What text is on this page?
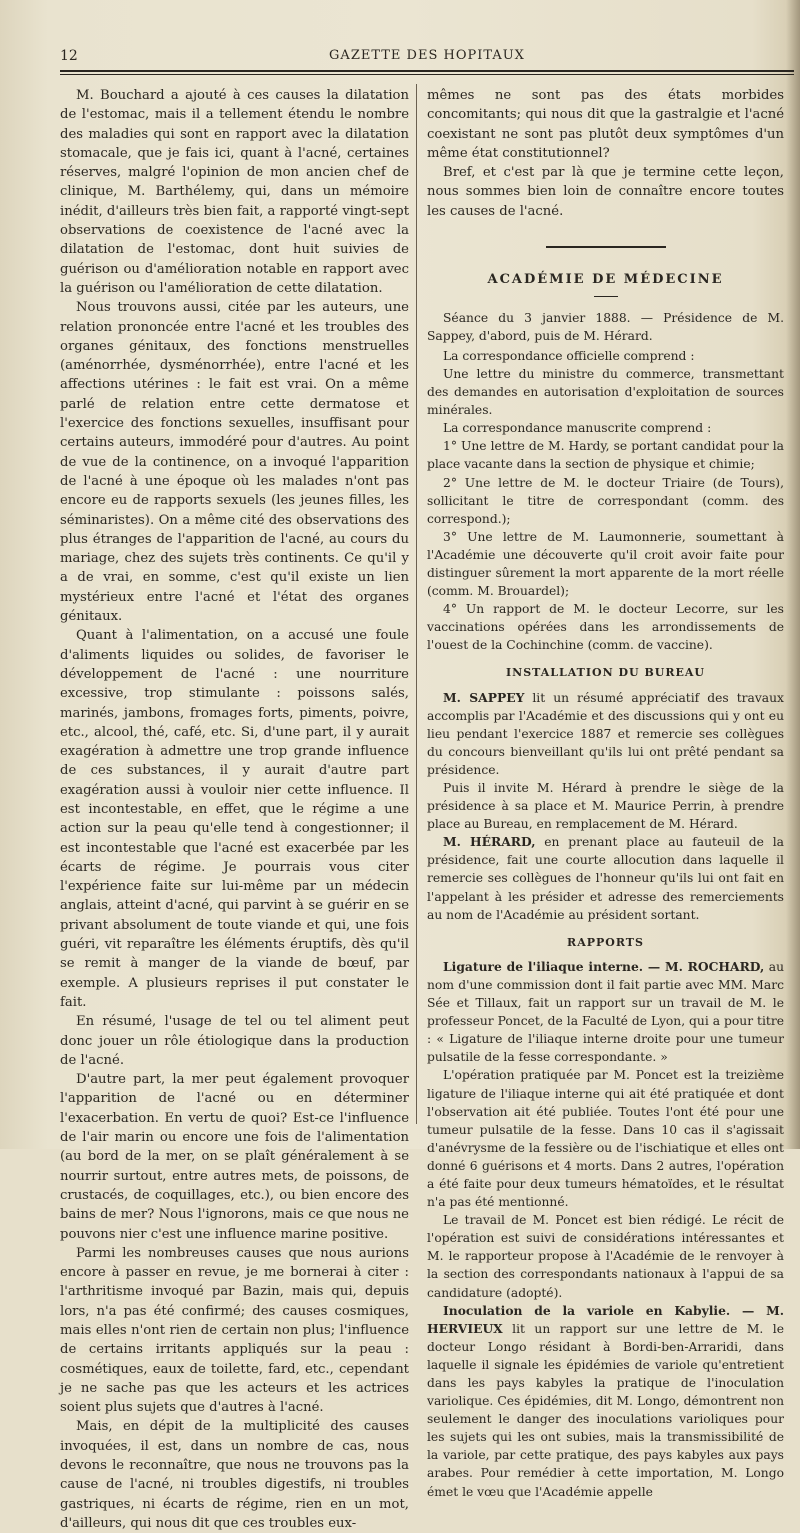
12	GAZETTE DES HOPITAUX

M. Bouchard a ajouté à ces causes la dilatation de l'estomac, mais il a tellement étendu le nombre des maladies qui sont en rapport avec la dilatation stomacale, que je fais ici, quant à l'acné, certaines réserves, malgré l'opinion de mon ancien chef de clinique, M. Barthélemy, qui, dans un mémoire inédit, d'ailleurs très bien fait, a rapporté vingt-sept observations de coexistence de l'acné avec la dilatation de l'estomac, dont huit suivies de guérison ou d'amélioration notable en rapport avec la guérison ou l'amélioration de cette dilatation.

Nous trouvons aussi, citée par les auteurs, une relation prononcée entre l'acné et les troubles des organes génitaux, des fonctions menstruelles (aménorrhée, dysménorrhée), entre l'acné et les affections utérines : le fait est vrai. On a même parlé de relation entre cette dermatose et l'exercice des fonctions sexuelles, insuffisant pour certains auteurs, immodéré pour d'autres. Au point de vue de la continence, on a invoqué l'apparition de l'acné à une époque où les malades n'ont pas encore eu de rapports sexuels (les jeunes filles, les séminaristes). On a même cité des observations des plus étranges de l'apparition de l'acné, au cours du mariage, chez des sujets très continents. Ce qu'il y a de vrai, en somme, c'est qu'il existe un lien mystérieux entre l'acné et l'état des organes génitaux.

Quant à l'alimentation, on a accusé une foule d'aliments liquides ou solides, de favoriser le développement de l'acné : une nourriture excessive, trop stimulante : poissons salés, marinés, jambons, fromages forts, piments, poivre, etc., alcool, thé, café, etc. Si, d'une part, il y aurait exagération à admettre une trop grande influence de ces substances, il y aurait d'autre part exagération aussi à vouloir nier cette influence. Il est incontestable, en effet, que le régime a une action sur la peau qu'elle tend à congestionner; il est incontestable que l'acné est exacerbée par les écarts de régime. Je pourrais vous citer l'expérience faite sur lui-même par un médecin anglais, atteint d'acné, qui parvint à se guérir en se privant absolument de toute viande et qui, une fois guéri, vit reparaître les éléments éruptifs, dès qu'il se remit à manger de la viande de bœuf, par exemple. A plusieurs reprises il put constater le fait.

En résumé, l'usage de tel ou tel aliment peut donc jouer un rôle étiologique dans la production de l'acné.

D'autre part, la mer peut également provoquer l'apparition de l'acné ou en déterminer l'exacerbation. En vertu de quoi? Est-ce l'influence de l'air marin ou encore une fois de l'alimentation (au bord de la mer, on se plaît généralement à se nourrir surtout, entre autres mets, de poissons, de crustacés, de coquillages, etc.), ou bien encore des bains de mer? Nous l'ignorons, mais ce que nous ne pouvons nier c'est une influence marine positive.

Parmi les nombreuses causes que nous aurions encore à passer en revue, je me bornerai à citer : l'arthritisme invoqué par Bazin, mais qui, depuis lors, n'a pas été confirmé; des causes cosmiques, mais elles n'ont rien de certain non plus; l'influence de certains irritants appliqués sur la peau : cosmétiques, eaux de toilette, fard, etc., cependant je ne sache pas que les acteurs et les actrices soient plus sujets que d'autres à l'acné.

Mais, en dépit de la multiplicité des causes invoquées, il est, dans un nombre de cas, nous devons le reconnaître, que nous ne trouvons pas la cause de l'acné, ni troubles digestifs, ni troubles gastriques, ni écarts de régime, rien en un mot, d'ailleurs, qui nous dit que ces troubles eux-

mêmes ne sont pas des états morbides concomitants; qui nous dit que la gastralgie et l'acné coexistant ne sont pas plutôt deux symptômes d'un même état constitutionnel?

Bref, et c'est par là que je termine cette leçon, nous sommes bien loin de connaître encore toutes les causes de l'acné.

ACADÉMIE DE MÉDECINE

Séance du 3 janvier 1888. — Présidence de M. Sappey, d'abord, puis de M. Hérard.

La correspondance officielle comprend :

Une lettre du ministre du commerce, transmettant des demandes en autorisation d'exploitation de sources minérales.

La correspondance manuscrite comprend :

1° Une lettre de M. Hardy, se portant candidat pour la place vacante dans la section de physique et chimie;

2° Une lettre de M. le docteur Triaire (de Tours), sollicitant le titre de correspondant (comm. des correspond.);

3° Une lettre de M. Laumonnerie, soumettant à l'Académie une découverte qu'il croit avoir faite pour distinguer sûrement la mort apparente de la mort réelle (comm. M. Brouardel);

4° Un rapport de M. le docteur Lecorre, sur les vaccinations opérées dans les arrondissements de l'ouest de la Cochinchine (comm. de vaccine).

INSTALLATION DU BUREAU

M. SAPPEY lit un résumé appréciatif des travaux accomplis par l'Académie et des discussions qui y ont eu lieu pendant l'exercice 1887 et remercie ses collègues du concours bienveillant qu'ils lui ont prêté pendant sa présidence.

Puis il invite M. Hérard à prendre le siège de la présidence à sa place et M. Maurice Perrin, à prendre place au Bureau, en remplacement de M. Hérard.

M. HÉRARD, en prenant place au fauteuil de la présidence, fait une courte allocution dans laquelle il remercie ses collègues de l'honneur qu'ils lui ont fait en l'appelant à les présider et adresse des remerciements au nom de l'Académie au président sortant.

RAPPORTS

Ligature de l'iliaque interne. — M. ROCHARD, au nom d'une commission dont il fait partie avec MM. Marc Sée et Tillaux, fait un rapport sur un travail de M. le professeur Poncet, de la Faculté de Lyon, qui a pour titre : « Ligature de l'iliaque interne droite pour une tumeur pulsatile de la fesse correspondante. »

L'opération pratiquée par M. Poncet est la treizième ligature de l'iliaque interne qui ait été pratiquée et dont l'observation ait été publiée. Toutes l'ont été pour une tumeur pulsatile de la fesse. Dans 10 cas il s'agissait d'anévrysme de la fessière ou de l'ischiatique et elles ont donné 6 guérisons et 4 morts. Dans 2 autres, l'opération a été faite pour deux tumeurs hématoïdes, et le résultat n'a pas été mentionné.

Le travail de M. Poncet est bien rédigé. Le récit de l'opération est suivi de considérations intéressantes et M. le rapporteur propose à l'Académie de le renvoyer à la section des correspondants nationaux à l'appui de sa candidature (adopté).

Inoculation de la variole en Kabylie. — M. HERVIEUX lit un rapport sur une lettre de M. le docteur Longo résidant à Bordi-ben-Arraridi, dans laquelle il signale les épidémies de variole qu'entretient dans les pays kabyles la pratique de l'inoculation variolique. Ces épidémies, dit M. Longo, démontrent non seulement le danger des inoculations varioliques pour les sujets qui les ont subies, mais la transmissibilité de la variole, par cette pratique, des pays kabyles aux pays arabes. Pour remédier à cette importation, M. Longo émet le vœu que l'Académie appelle
